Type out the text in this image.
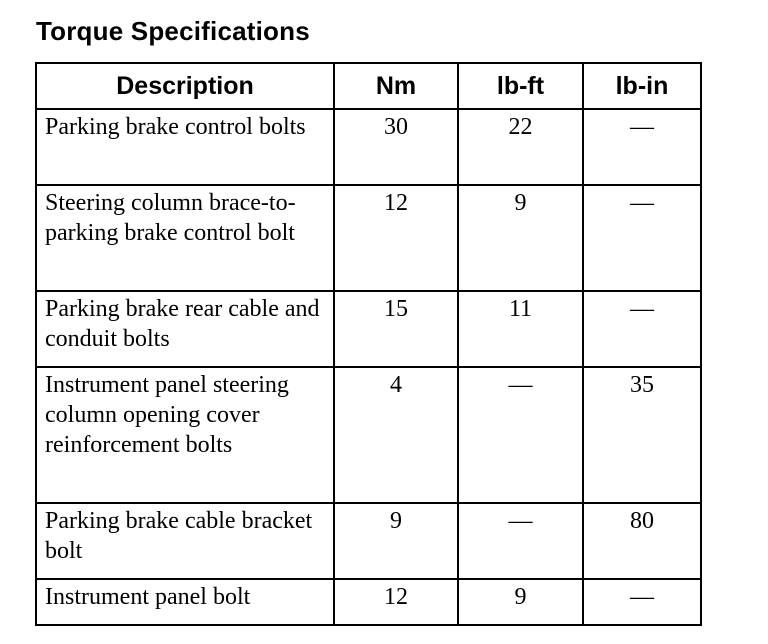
Torque Specifications
Description	Nm	lb-ft	lb-in
Parking brake control bolts	30	22	—
Steering column brace-to-parking brake control bolt	12	9	—
Parking brake rear cable and conduit bolts	15	11	—
Instrument panel steering column opening cover reinforcement bolts	4	—	35
Parking brake cable bracket bolt	9	—	80
Instrument panel bolt	12	9	—
